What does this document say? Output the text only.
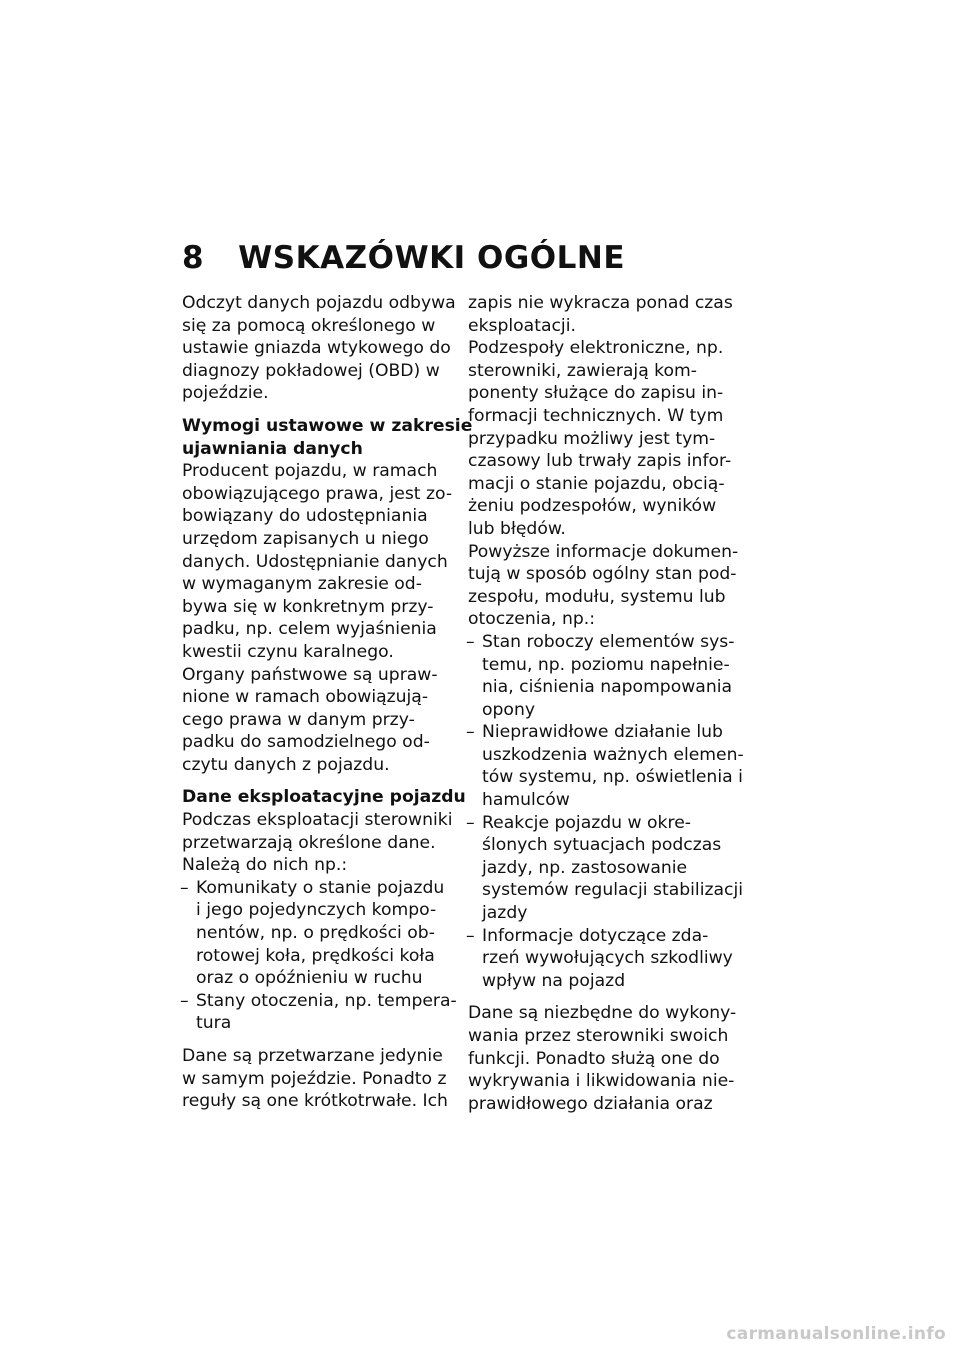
8 WSKAZÓWKI OGÓLNE
Odczyt danych pojazdu odbywa
się za pomocą określonego w
ustawie gniazda wtykowego do
diagnozy pokładowej (OBD) w
pojeździe.
Wymogi ustawowe w zakresie
ujawniania danych
Producent pojazdu, w ramach
obowiązującego prawa, jest zo-
bowiązany do udostępniania
urzędom zapisanych u niego
danych. Udostępnianie danych
w wymaganym zakresie od-
bywa się w konkretnym przy-
padku, np. celem wyjaśnienia
kwestii czynu karalnego.
Organy państwowe są upraw-
nione w ramach obowiązują-
cego prawa w danym przy-
padku do samodzielnego od-
czytu danych z pojazdu.
Dane eksploatacyjne pojazdu
Podczas eksploatacji sterowniki
przetwarzają określone dane.
Należą do nich np.:
– Komunikaty o stanie pojazdu
i jego pojedynczych kompo-
nentów, np. o prędkości ob-
rotowej koła, prędkości koła
oraz o opóźnieniu w ruchu
– Stany otoczenia, np. tempera-
tura
Dane są przetwarzane jedynie
w samym pojeździe. Ponadto z
reguły są one krótkotrwałe. Ich
zapis nie wykracza ponad czas
eksploatacji.
Podzespoły elektroniczne, np.
sterowniki, zawierają kom-
ponenty służące do zapisu in-
formacji technicznych. W tym
przypadku możliwy jest tym-
czasowy lub trwały zapis infor-
macji o stanie pojazdu, obcią-
żeniu podzespołów, wyników
lub błędów.
Powyższe informacje dokumen-
tują w sposób ogólny stan pod-
zespołu, modułu, systemu lub
otoczenia, np.:
– Stan roboczy elementów sys-
temu, np. poziomu napełnie-
nia, ciśnienia napompowania
opony
– Nieprawidłowe działanie lub
uszkodzenia ważnych elemen-
tów systemu, np. oświetlenia i
hamulców
– Reakcje pojazdu w okre-
ślonych sytuacjach podczas
jazdy, np. zastosowanie
systemów regulacji stabilizacji
jazdy
– Informacje dotyczące zda-
rzeń wywołujących szkodliwy
wpływ na pojazd
Dane są niezbędne do wykony-
wania przez sterowniki swoich
funkcji. Ponadto służą one do
wykrywania i likwidowania nie-
prawidłowego działania oraz
carmanualsonline.info
